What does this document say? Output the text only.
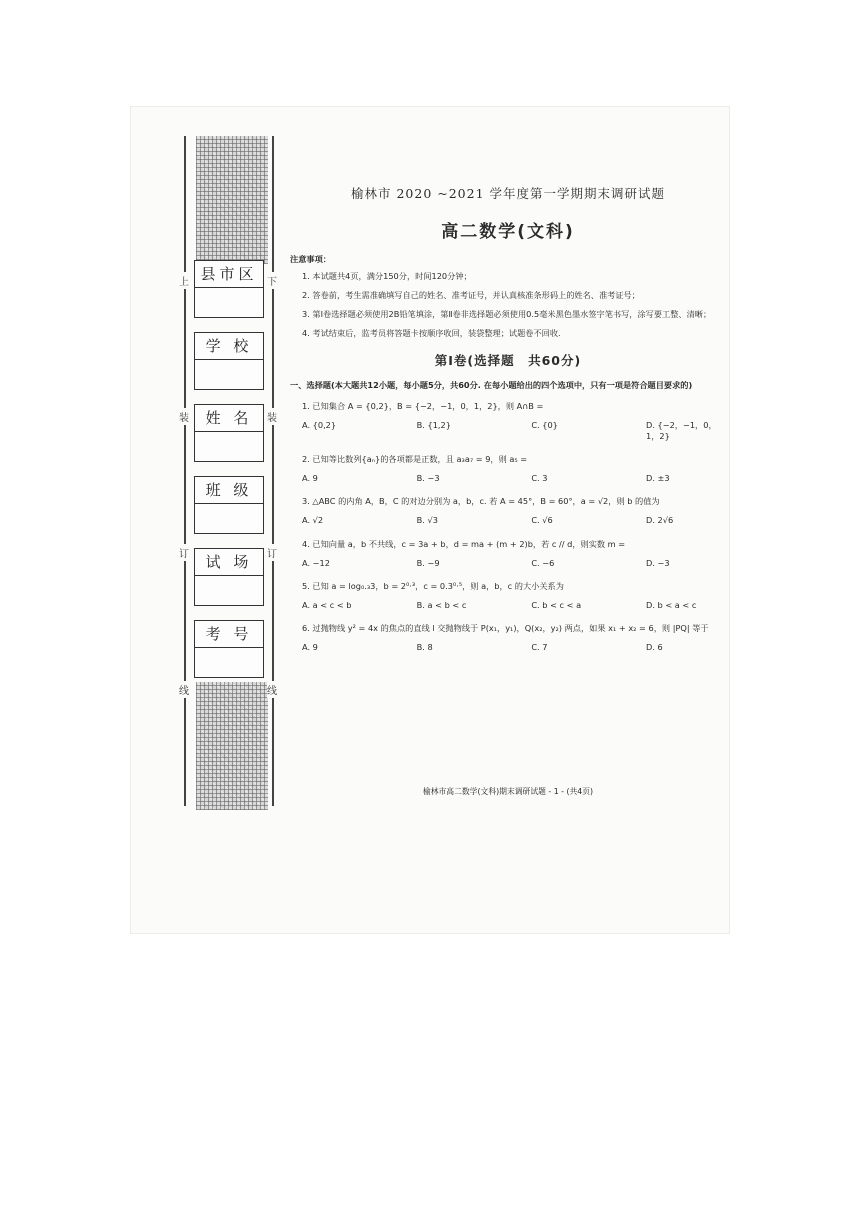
上
装
订
线
下
装
订
线
县市区
学 校
姓 名
班 级
试 场
考 号
榆林市 2020 ~2021 学年度第一学期期末调研试题
高二数学(文科)
注意事项：
1. 本试题共4页，满分150分，时间120分钟；
2. 答卷前，考生需准确填写自己的姓名、准考证号，并认真核准条形码上的姓名、准考证号；
3. 第Ⅰ卷选择题必须使用2B铅笔填涂，第Ⅱ卷非选择题必须使用0.5毫米黑色墨水签字笔书写，涂写要工整、清晰；
4. 考试结束后，监考员将答题卡按顺序收回，装袋整理；试题卷不回收.
第Ⅰ卷(选择题　共60分)
一、选择题(本大题共12小题，每小题5分，共60分. 在每小题给出的四个选项中，只有一项是符合题目要求的)
1. 已知集合 A = {0,2}，B = {−2，−1，0，1，2}，则 A∩B =
A. {0,2}	B. {1,2}	C. {0}	D. {−2，−1，0，1，2}
2. 已知等比数列{aₙ}的各项都是正数，且 a₃a₇ = 9，则 a₅ =
A. 9	B. −3	C. 3	D. ±3
3. △ABC 的内角 A，B，C 的对边分别为 a，b，c. 若 A = 45°，B = 60°，a = √2，则 b 的值为
A. √2	B. √3	C. √6	D. 2√6
4. 已知向量 a，b 不共线，c = 3a + b，d = ma + (m + 2)b，若 c // d，则实数 m =
A. −12	B. −9	C. −6	D. −3
5. 已知 a = log₀.₃3，b = 2⁰·³，c = 0.3⁰·⁵，则 a，b，c 的大小关系为
A. a < c < b	B. a < b < c	C. b < c < a	D. b < a < c
6. 过抛物线 y² = 4x 的焦点的直线 l 交抛物线于 P(x₁，y₁)，Q(x₂，y₂) 两点，如果 x₁ + x₂ = 6，则 |PQ| 等于
A. 9	B. 8	C. 7	D. 6
榆林市高二数学(文科)期末调研试题 - 1 - (共4页)
